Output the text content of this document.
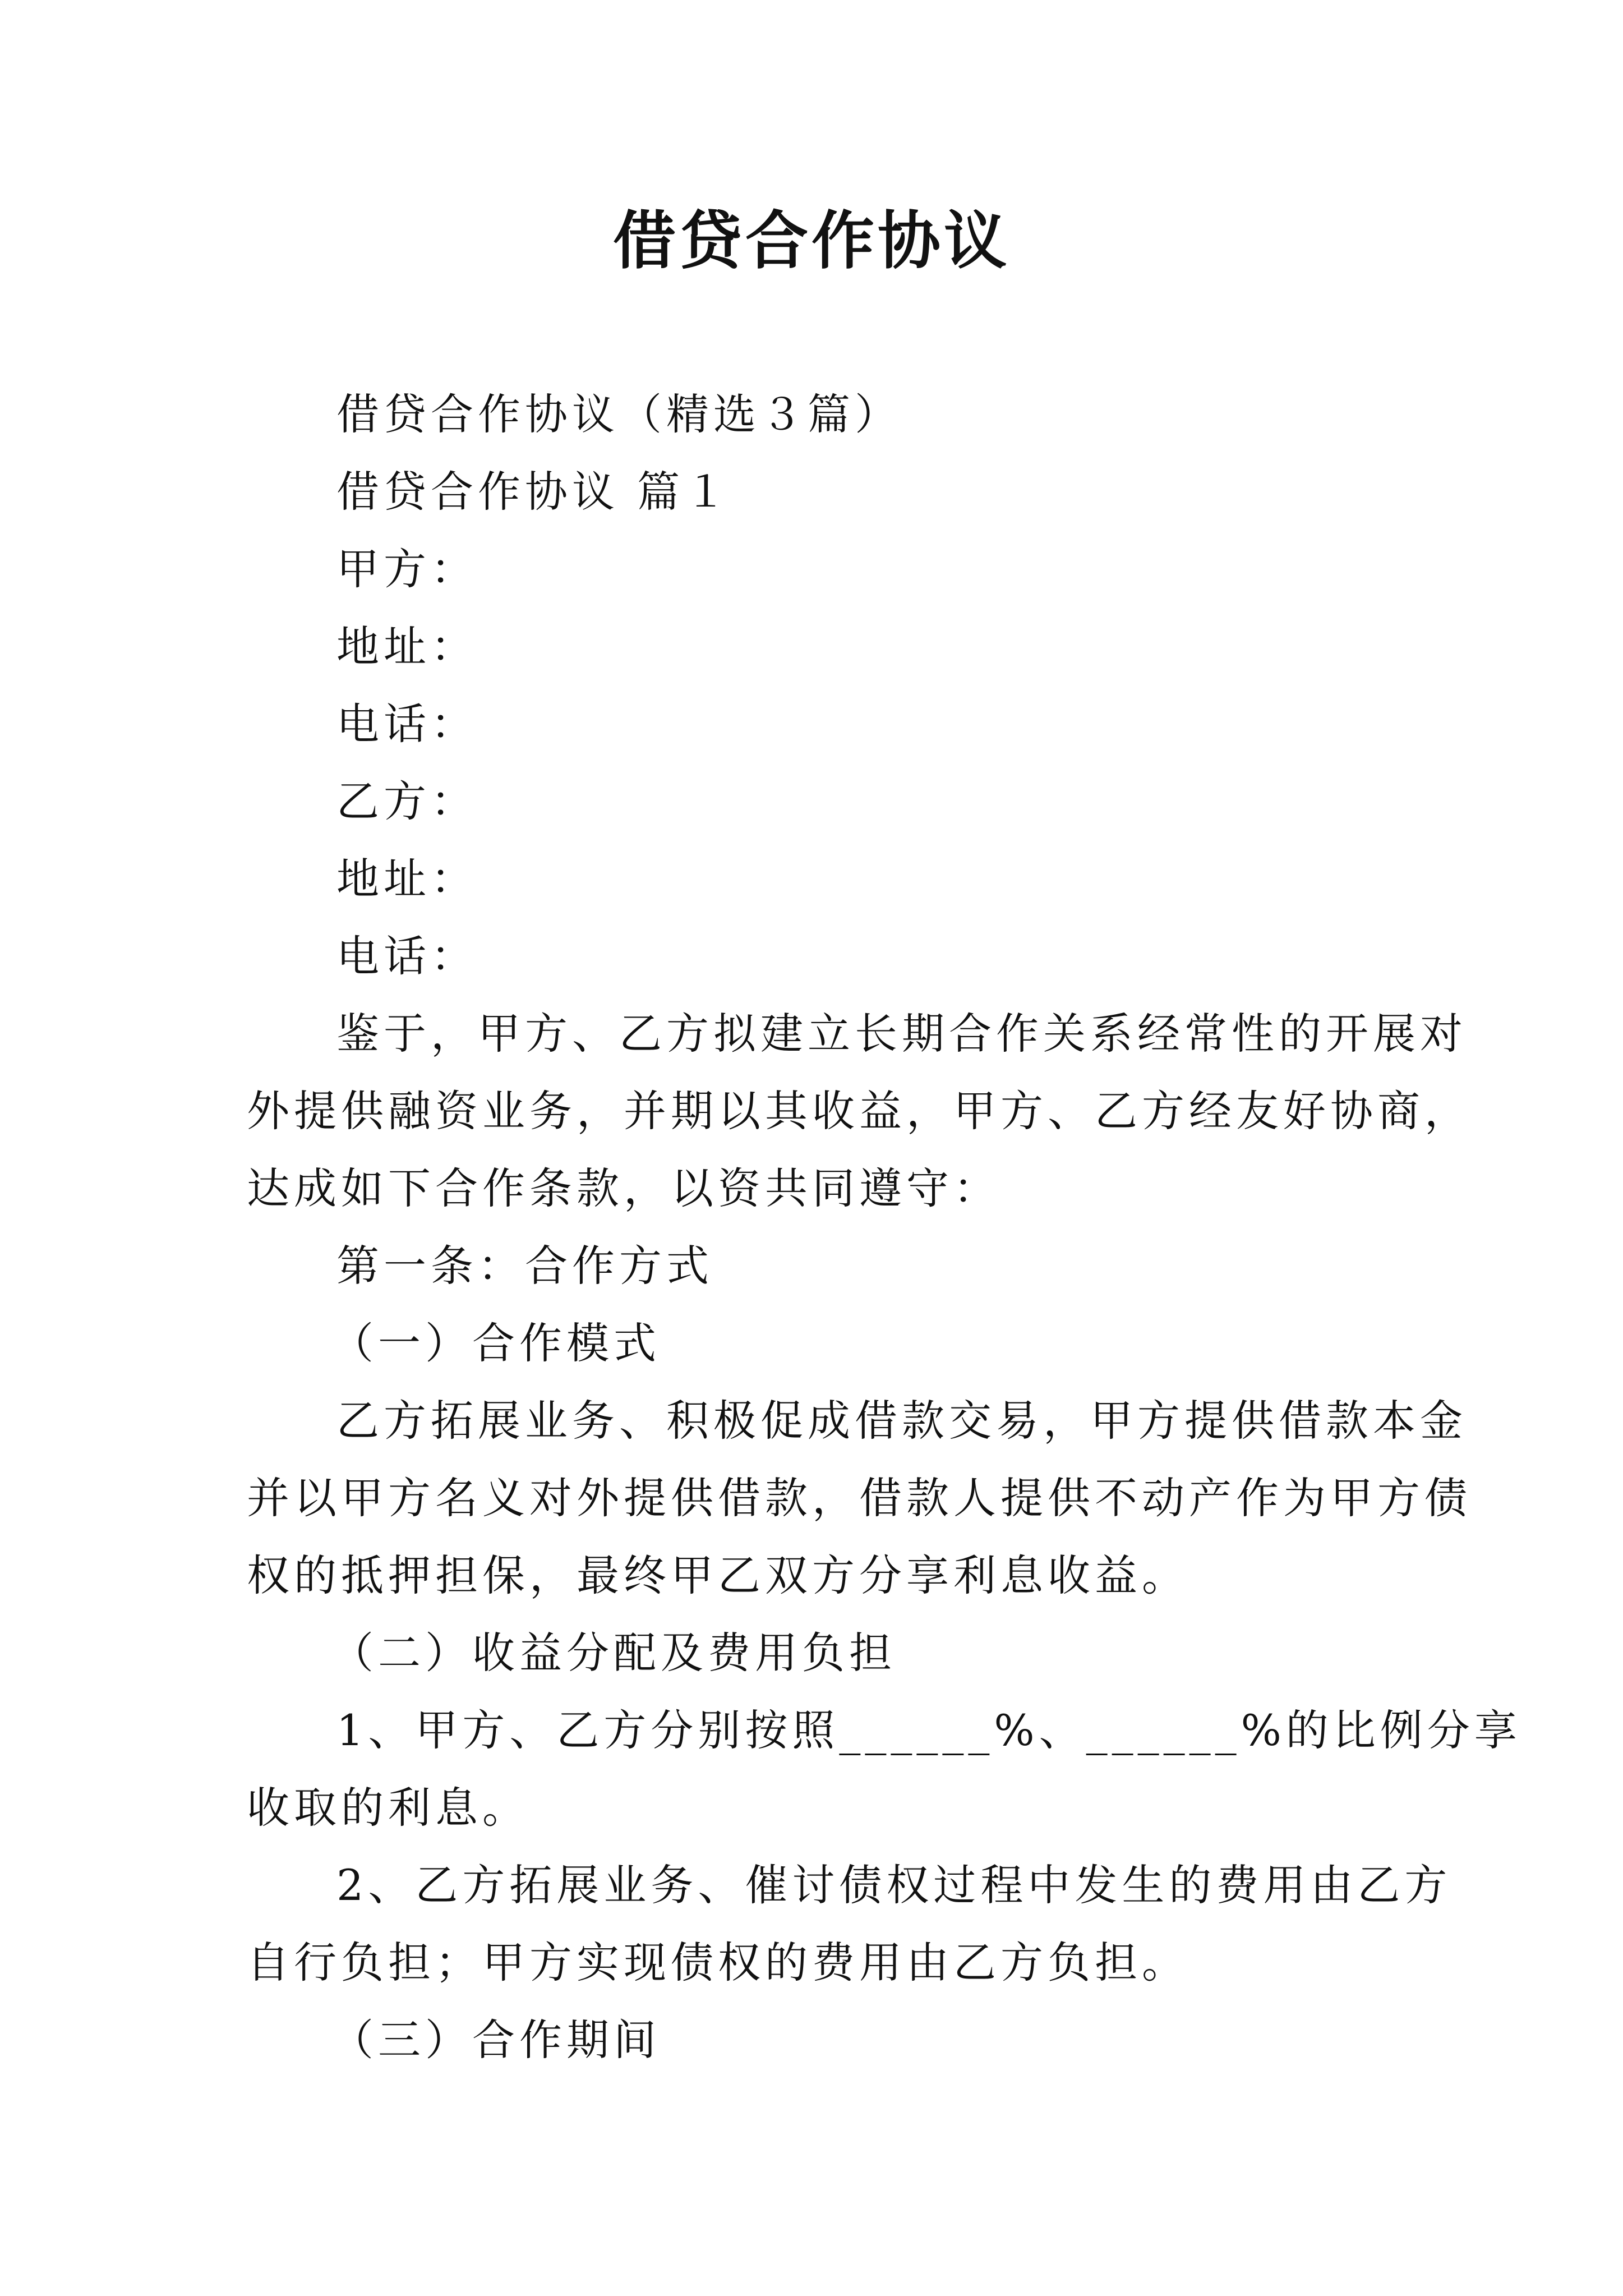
借贷合作协议
借贷合作协议（精选３篇）
借贷合作协议 篇１
甲方：
地址：
电话：
乙方：
地址：
电话：
鉴于，甲方、乙方拟建立长期合作关系经常性的开展对
外提供融资业务，并期以其收益，甲方、乙方经友好协商，
达成如下合作条款，以资共同遵守：
第一条：合作方式
（一）合作模式
乙方拓展业务、积极促成借款交易，甲方提供借款本金
并以甲方名义对外提供借款，借款人提供不动产作为甲方债
权的抵押担保，最终甲乙双方分享利息收益。
（二）收益分配及费用负担
1、甲方、乙方分别按照______%、______%的比例分享
收取的利息。
2、乙方拓展业务、催讨债权过程中发生的费用由乙方
自行负担；甲方实现债权的费用由乙方负担。
（三）合作期间
